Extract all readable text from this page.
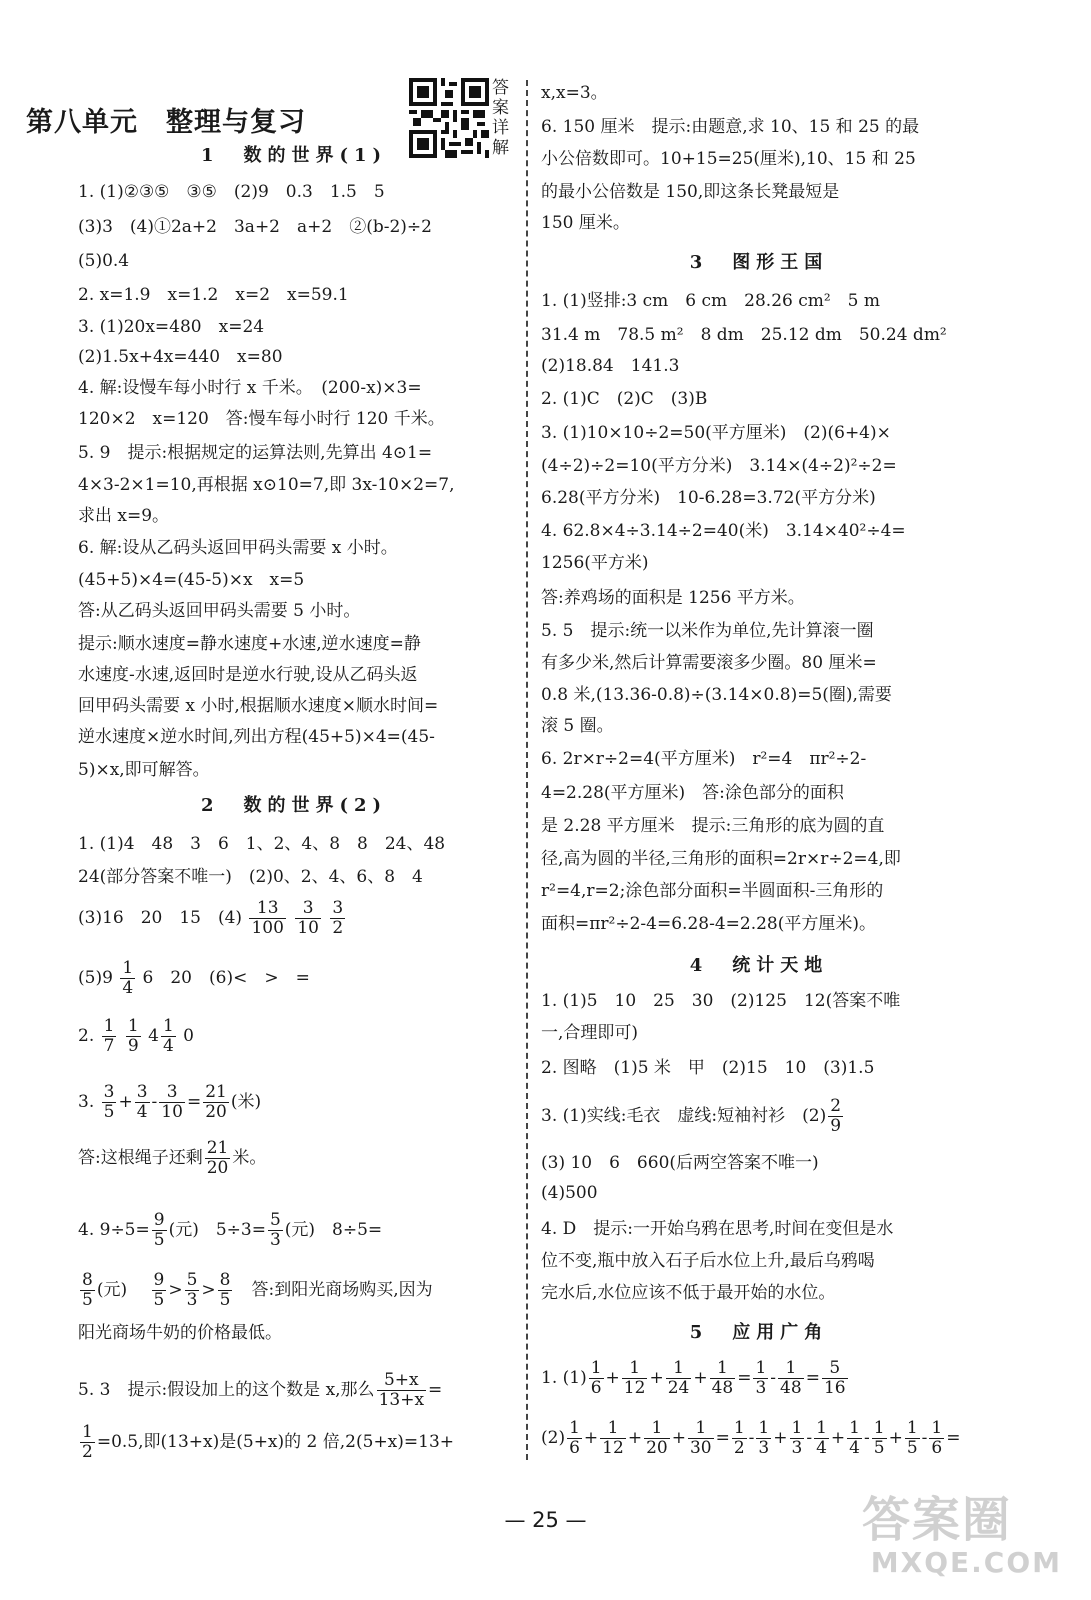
第八单元　整理与复习
答案详解
1　数的世界(1)
1. (1)②③⑤　③⑤　(2)9　0.3　1.5　5
(3)3　(4)①2a+2　3a+2　a+2　②(b-2)÷2
(5)0.4
2. x=1.9　x=1.2　x=2　x=59.1
3. (1)20x=480　x=24
(2)1.5x+4x=440　x=80
4. 解:设慢车每小时行 x 千米。　(200-x)×3=
120×2　x=120　答:慢车每小时行 120 千米。
5. 9　提示:根据规定的运算法则,先算出 4⊙1=
4×3-2×1=10,再根据 x⊙10=7,即 3x-10×2=7,
求出 x=9。
6. 解:设从乙码头返回甲码头需要 x 小时。
(45+5)×4=(45-5)×x　x=5
答:从乙码头返回甲码头需要 5 小时。
提示:顺水速度=静水速度+水速,逆水速度=静
水速度-水速,返回时是逆水行驶,设从乙码头返
回甲码头需要 x 小时,根据顺水速度×顺水时间=
逆水速度×逆水时间,列出方程(45+5)×4=(45-
5)×x,即可解答。
2　数的世界(2)
1. (1)4　48　3　6　1、2、4、8　8　24、48
24(部分答案不唯一)　(2)0、2、4、6、8　4
(3)16　20　15　$(4) \frac{13}{100}$
$\frac{3}{10}$
$\frac{3}{2}$
$(5)9 \frac{1}{4} 6$　20　(6)<　>　=
2. $\frac{1}{7}$
$\frac{1}{9} 4 \frac{1}{4} 0$
3. $\frac{3}{5} + \frac{3}{4} - \frac{3}{10} = \frac{21}{20}$ (米)
答:这根绳子还剩 $\frac{21}{20}$ 米。
4. $9\div 5= \frac{9}{5}$ (元)　$5\div 3= \frac{5}{3}$ (元)　8÷5=
$\frac{8}{5}$ (元)　 $\frac{9}{5} > \frac{5}{3} > \frac{8}{5}$
　 答:到阳光商场购买,因为
阳光商场牛奶的价格最低。
5. 3　提示:假设加上的这个数是 x,那么 $\frac{5+x}{13+x}$ =
$\frac{1}{2} =0.5$,即(13+x)是(5+x)的 2 倍,2(5+x)=13+
x,x=3。
6. 150 厘米　提示:由题意,求 10、15 和 25 的最
小公倍数即可。10+15=25(厘米),10、15 和 25
的最小公倍数是 150,即这条长凳最短是
150 厘米。
3　图形王国
1. (1)竖排:3 cm　6 cm　28.26 cm²　5 m
31.4 m　78.5 m²　8 dm　25.12 dm　50.24 dm²
(2)18.84　141.3
2. (1)C　(2)C　(3)B
3. (1)10×10÷2=50(平方厘米)　(2)(6+4)×
(4÷2)÷2=10(平方分米)　3.14×(4÷2)²÷2=
6.28(平方分米)　10-6.28=3.72(平方分米)
4. 62.8×4÷3.14÷2=40(米)　3.14×40²÷4=
1256(平方米)
答:养鸡场的面积是 1256 平方米。
5. 5　提示:统一以米作为单位,先计算滚一圈
有多少米,然后计算需要滚多少圈。80 厘米=
0.8 米,(13.36-0.8)÷(3.14×0.8)=5(圈),需要
滚 5 圈。
6. 2r×r÷2=4(平方厘米)　r²=4　πr²÷2-
4=2.28(平方厘米)　答:涂色部分的面积
是 2.28 平方厘米　提示:三角形的底为圆的直
径,高为圆的半径,三角形的面积=2r×r÷2=4,即
r²=4,r=2;涂色部分面积=半圆面积-三角形的
面积=πr²÷2-4=6.28-4=2.28(平方厘米)。
4　统计天地
1. (1)5　10　25　30　(2)125　12(答案不唯
一,合理即可)
2. 图略　(1)5 米　甲　(2)15　10　(3)1.5
3. (1)实线:毛衣　虚线:短袖衬衫　$(2) \frac{2}{9}$
(3) 10　6　660(后两空答案不唯一)
(4)500
4. D　提示:一开始乌鸦在思考,时间在变但是水
位不变,瓶中放入石子后水位上升,最后乌鸦喝
完水后,水位应该不低于最开始的水位。
5　应用广角
1. $(1) \frac{1}{6} + \frac{1}{12} + \frac{1}{24} + \frac{1}{48} = \frac{1}{3} - \frac{1}{48} = \frac{5}{16}$
$(2) \frac{1}{6} + \frac{1}{12} + \frac{1}{20} + \frac{1}{30} = \frac{1}{2} - \frac{1}{3} + \frac{1}{3} - \frac{1}{4} + \frac{1}{4} - \frac{1}{5} + \frac{1}{5} - \frac{1}{6}$ =
— 25 —	答案圈
MXQE.COM
